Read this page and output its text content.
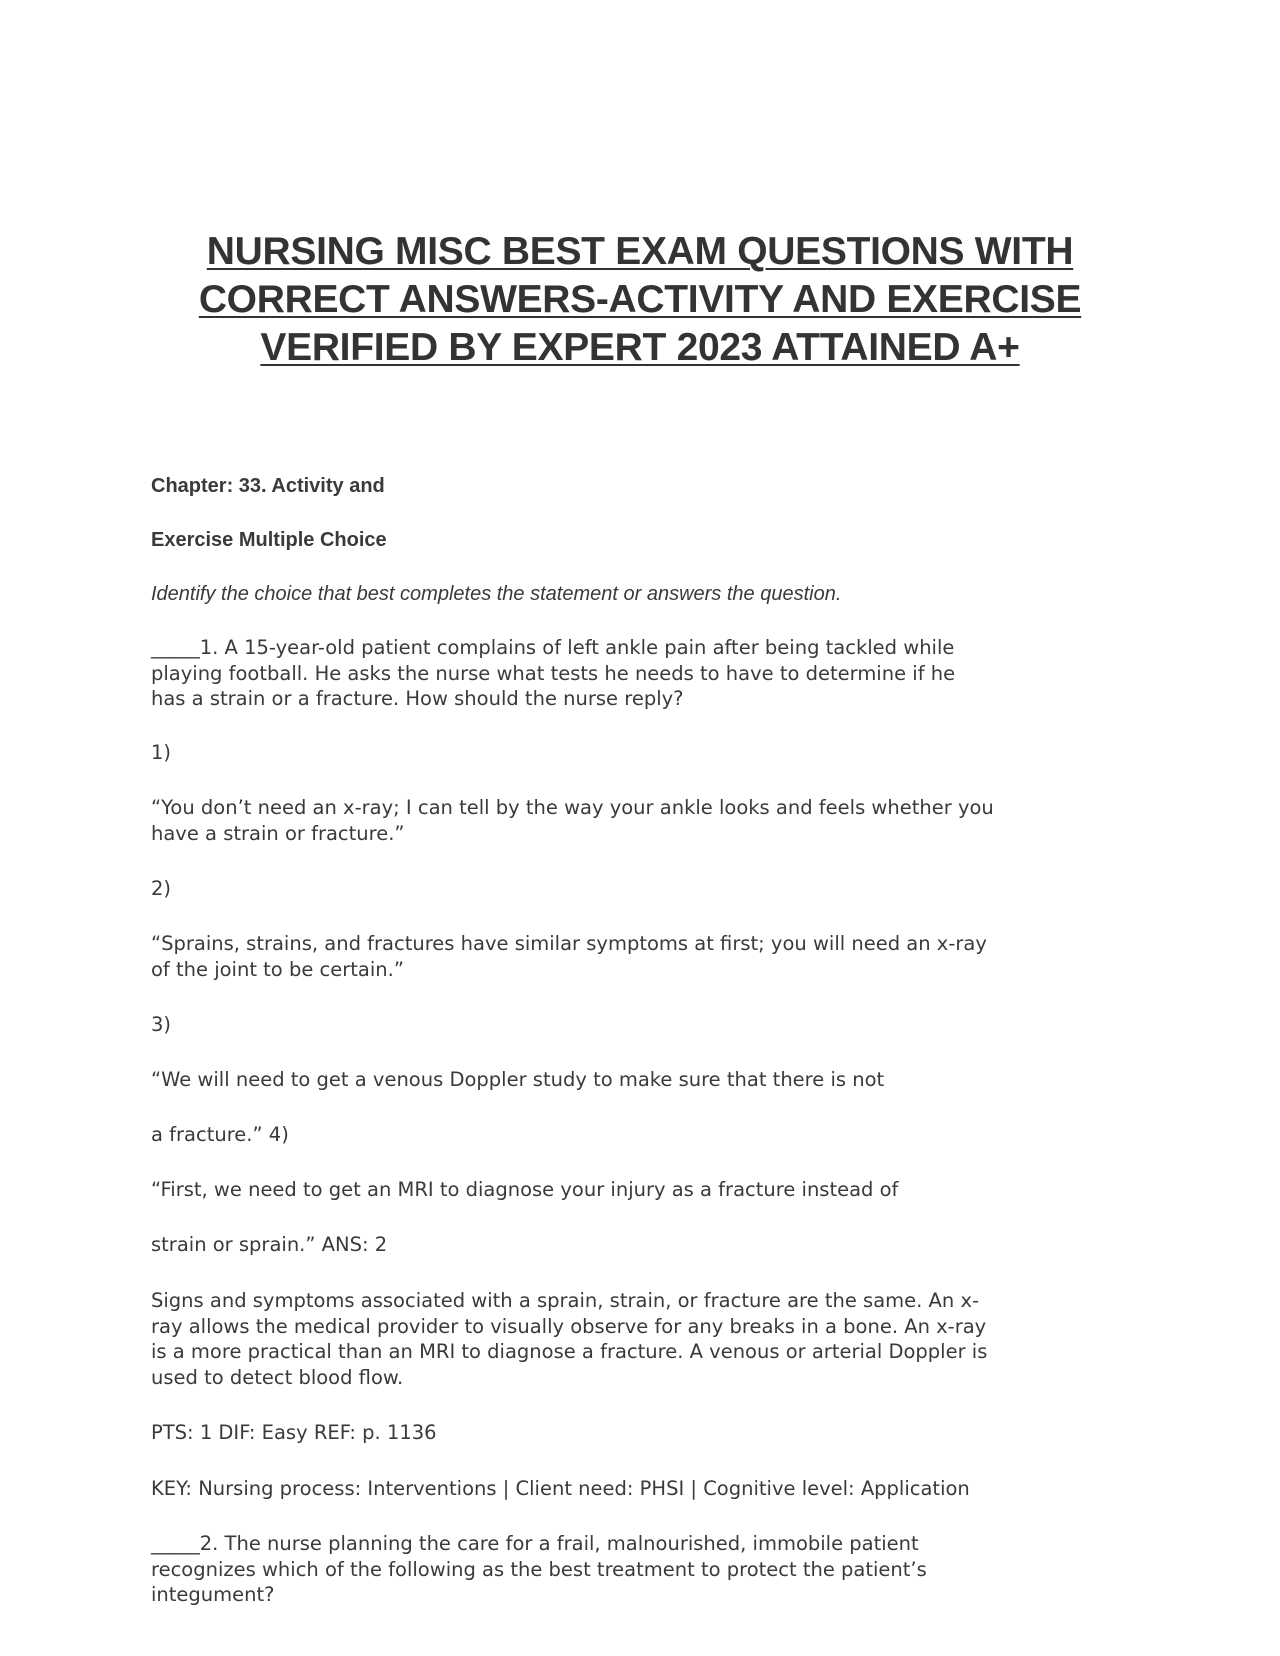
NURSING MISC BEST EXAM QUESTIONS WITH
CORRECT ANSWERS-ACTIVITY AND EXERCISE
VERIFIED BY EXPERT 2023 ATTAINED A+
Chapter: 33. Activity and
Exercise Multiple Choice
Identify the choice that best completes the statement or answers the question.
_____1. A 15-year-old patient complains of left ankle pain after being tackled while
playing football. He asks the nurse what tests he needs to have to determine if he
has a strain or a fracture. How should the nurse reply?
1)
“You don’t need an x-ray; I can tell by the way your ankle looks and feels whether you
have a strain or fracture.”
2)
“Sprains, strains, and fractures have similar symptoms at first; you will need an x-ray
of the joint to be certain.”
3)
“We will need to get a venous Doppler study to make sure that there is not
a fracture.” 4)
“First, we need to get an MRI to diagnose your injury as a fracture instead of
strain or sprain.” ANS: 2
Signs and symptoms associated with a sprain, strain, or fracture are the same. An x-
ray allows the medical provider to visually observe for any breaks in a bone. An x-ray
is a more practical than an MRI to diagnose a fracture. A venous or arterial Doppler is
used to detect blood flow.
PTS: 1 DIF: Easy REF: p. 1136
KEY: Nursing process: Interventions | Client need: PHSI | Cognitive level: Application
_____2. The nurse planning the care for a frail, malnourished, immobile patient
recognizes which of the following as the best treatment to protect the patient’s
integument?
